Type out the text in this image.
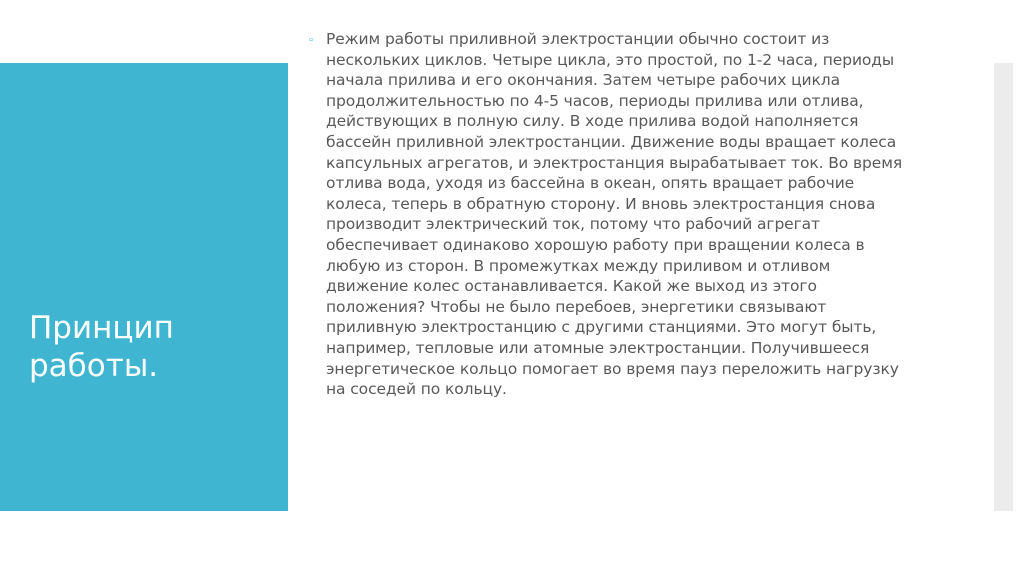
Принцип работы.
▫ Режим работы приливной электростанции обычно состоит из нескольких циклов. Четыре цикла, это простой, по 1-2 часа, периоды начала прилива и его окончания. Затем четыре рабочих цикла продолжительностью по 4-5 часов, периоды прилива или отлива, действующих в полную силу. В ходе прилива водой наполняется бассейн приливной электростанции. Движение воды вращает колеса капсульных агрегатов, и электростанция вырабатывает ток. Во время отлива вода, уходя из бассейна в океан, опять вращает рабочие колеса, теперь в обратную сторону. И вновь электростанция снова производит электрический ток, потому что рабочий агрегат обеспечивает одинаково хорошую работу при вращении колеса в любую из сторон. В промежутках между приливом и отливом движение колес останавливается. Какой же выход из этого положения? Чтобы не было перебоев, энергетики связывают приливную электростанцию с другими станциями. Это могут быть, например, тепловые или атомные электростанции. Получившееся энергетическое кольцо помогает во время пауз переложить нагрузку на соседей по кольцу.
